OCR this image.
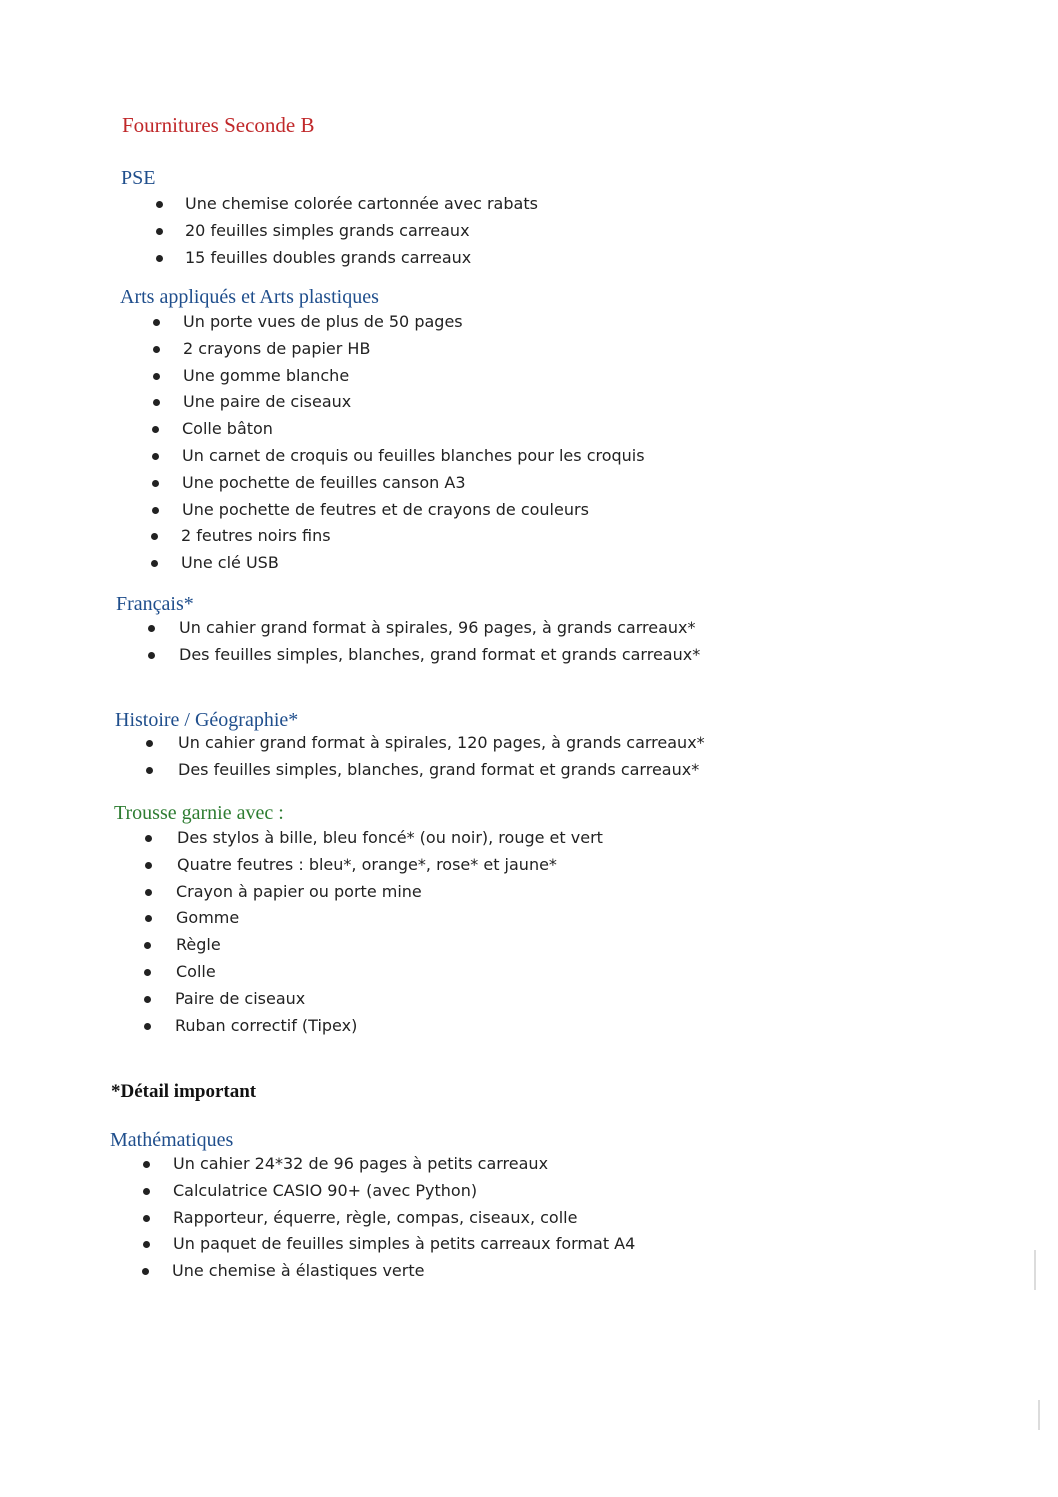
Fournitures Seconde B
PSE
Une chemise colorée cartonnée avec rabats
20 feuilles simples grands carreaux
15 feuilles doubles grands carreaux
Arts appliqués et Arts plastiques
Un porte vues de plus de 50 pages
2 crayons de papier HB
Une gomme blanche
Une paire de ciseaux
Colle bâton
Un carnet de croquis ou feuilles blanches pour les croquis
Une pochette de feuilles canson A3
Une pochette de feutres et de crayons de couleurs
2 feutres noirs fins
Une clé USB
Français*
Un cahier grand format à spirales, 96 pages, à grands carreaux*
Des feuilles simples, blanches, grand format et grands carreaux*
Histoire / Géographie*
Un cahier grand format à spirales, 120 pages, à grands carreaux*
Des feuilles simples, blanches, grand format et grands carreaux*
Trousse garnie avec :
Des stylos à bille, bleu foncé* (ou noir), rouge et vert
Quatre feutres : bleu*, orange*, rose* et jaune*
Crayon à papier ou porte mine
Gomme
Règle
Colle
Paire de ciseaux
Ruban correctif (Tipex)
*Détail important
Mathématiques
Un cahier 24*32 de 96 pages à petits carreaux
Calculatrice CASIO 90+ (avec Python)
Rapporteur, équerre, règle, compas, ciseaux, colle
Un paquet de feuilles simples à petits carreaux format A4
Une chemise à élastiques verte
